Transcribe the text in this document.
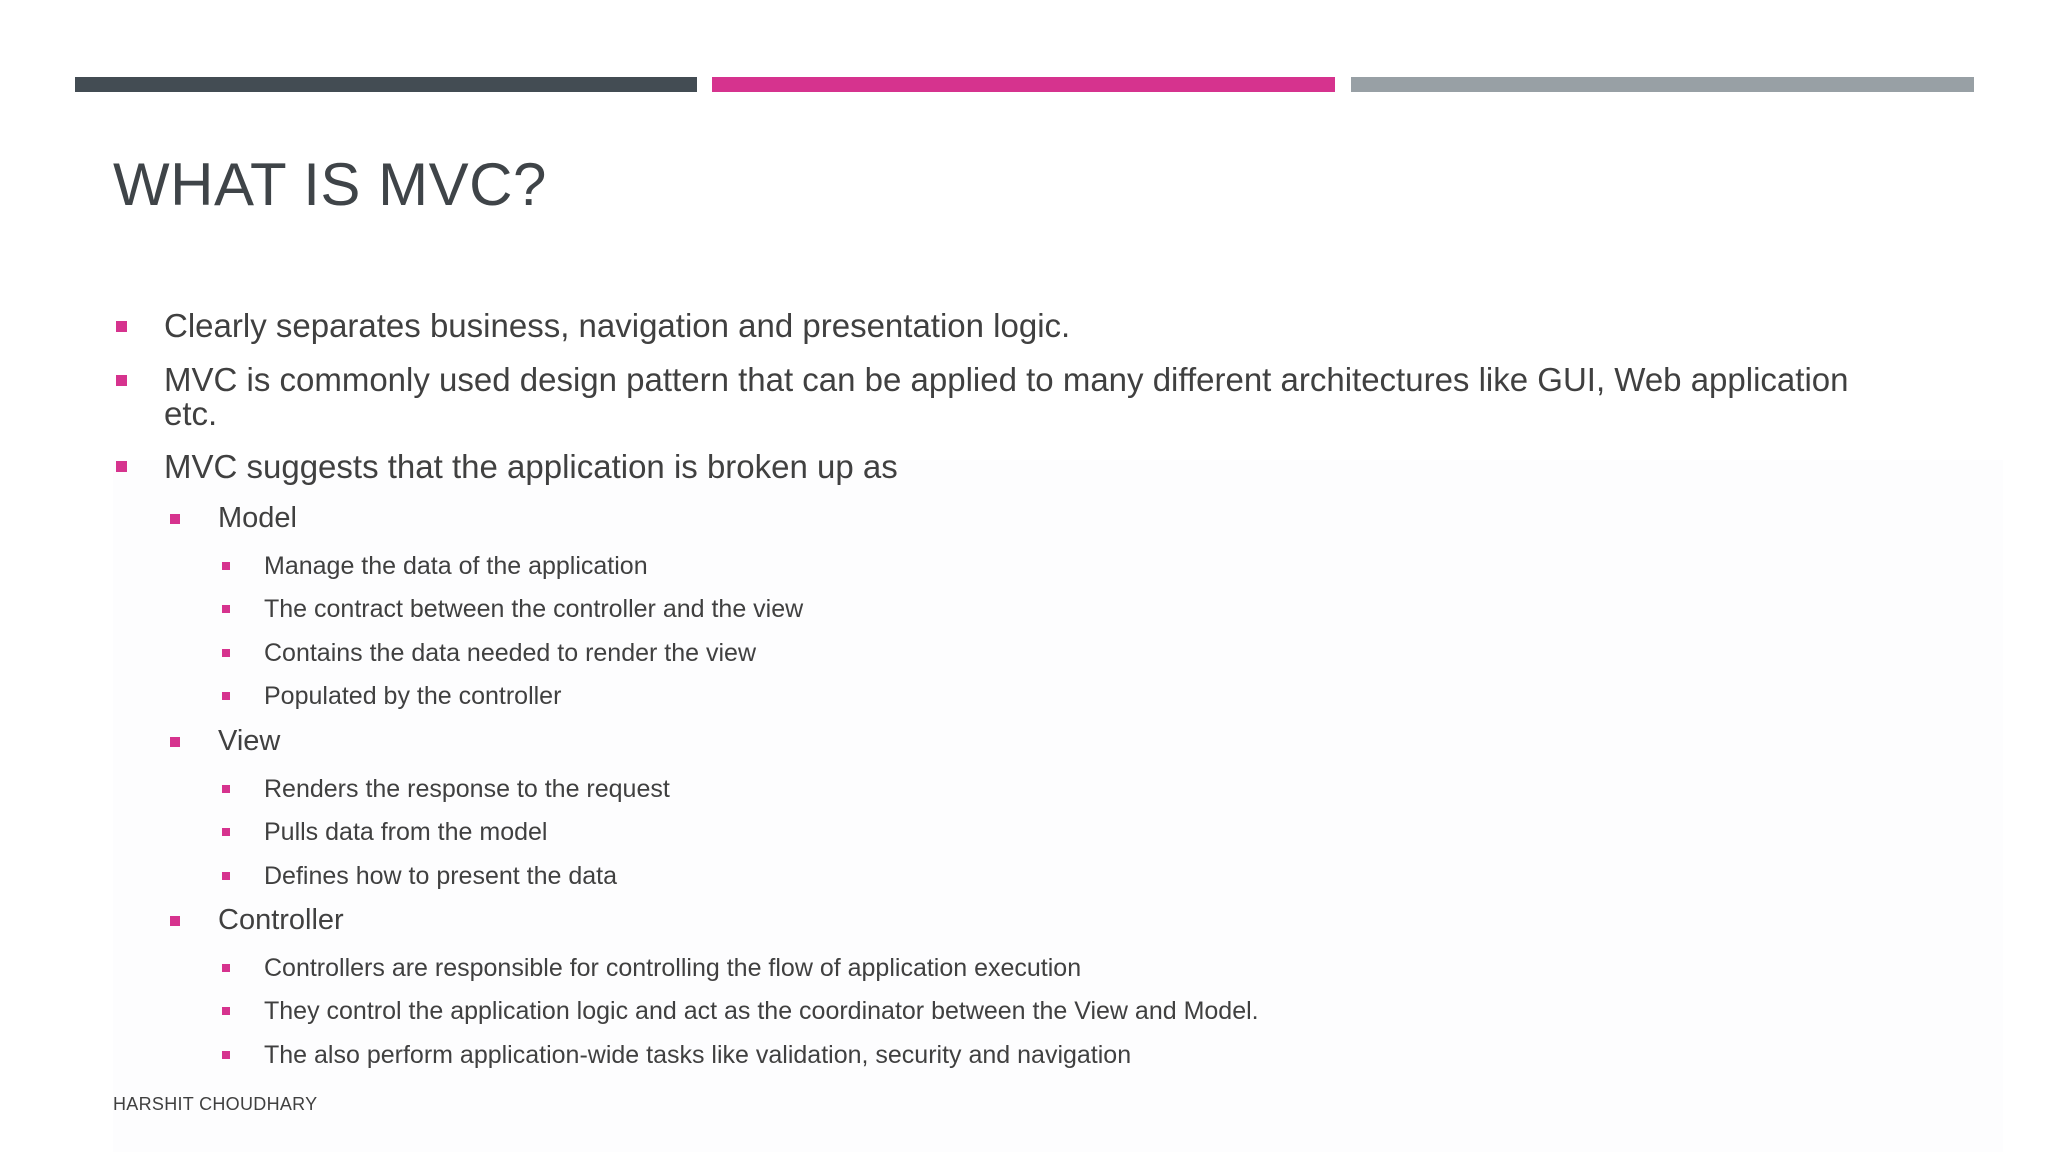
WHAT IS MVC?
Clearly separates business, navigation and presentation logic.
MVC is commonly used design pattern that can be applied to many different architectures like GUI, Web application
etc.
MVC suggests that the application is broken up as
Model
Manage the data of the application
The contract between the controller and the view
Contains the data needed to render the view
Populated by the controller
View
Renders the response to the request
Pulls data from the model
Defines how to present the data
Controller
Controllers are responsible for controlling the flow of application execution
They control the application logic and act as the coordinator between the View and Model.
The also perform application-wide tasks like validation, security and navigation
HARSHIT CHOUDHARY
